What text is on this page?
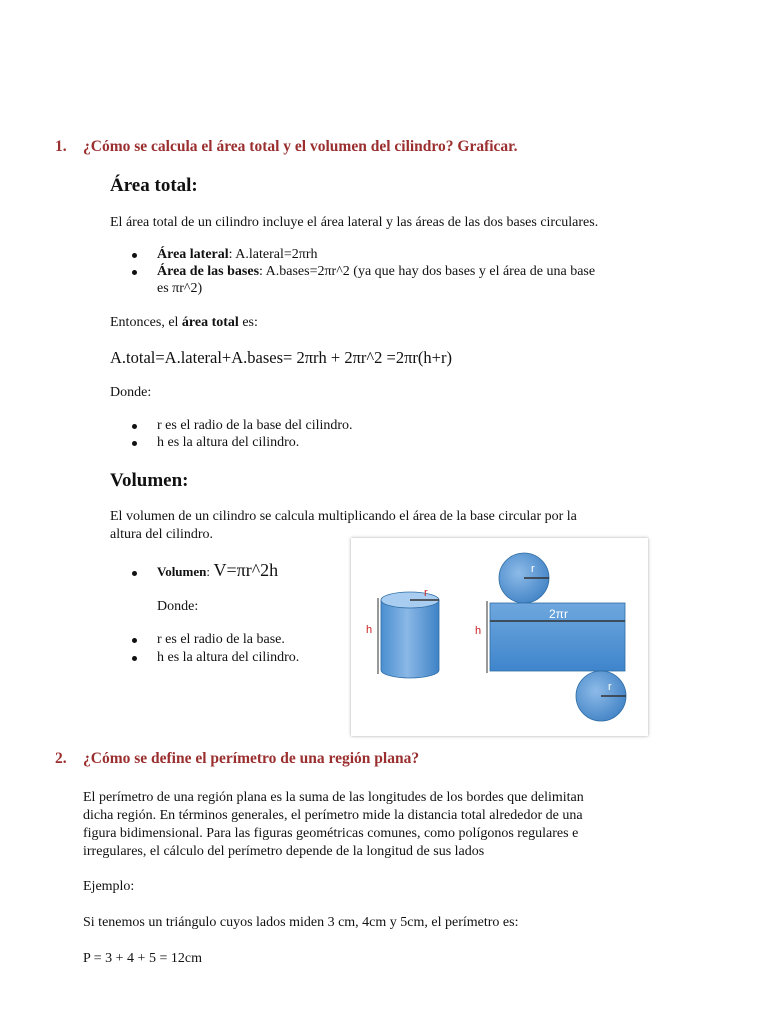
1. ¿Cómo se calcula el área total y el volumen del cilindro? Graficar.
Área total:
El área total de un cilindro incluye el área lateral y las áreas de las dos bases circulares.
Área lateral: A.lateral=2πrh
Área de las bases: A.bases=2πr^2 (ya que hay dos bases y el área de una base
es πr^2)
Entonces, el área total es:
A.total=A.lateral+A.bases= 2πrh + 2πr^2 =2πr(h+r)
Donde:
r es el radio de la base del cilindro.
h es la altura del cilindro.
Volumen:
El volumen de un cilindro se calcula multiplicando el área de la base circular por la
altura del cilindro.
Volumen: V=πr^2h
Donde:
r es el radio de la base.
h es la altura del cilindro.
r
h
r
h
2πr
r
2. ¿Cómo se define el perímetro de una región plana?
El perímetro de una región plana es la suma de las longitudes de los bordes que delimitan
dicha región. En términos generales, el perímetro mide la distancia total alrededor de una
figura bidimensional. Para las figuras geométricas comunes, como polígonos regulares e
irregulares, el cálculo del perímetro depende de la longitud de sus lados
Ejemplo:
Si tenemos un triángulo cuyos lados miden 3 cm, 4cm y 5cm, el perímetro es:
P = 3 + 4 + 5 = 12cm
